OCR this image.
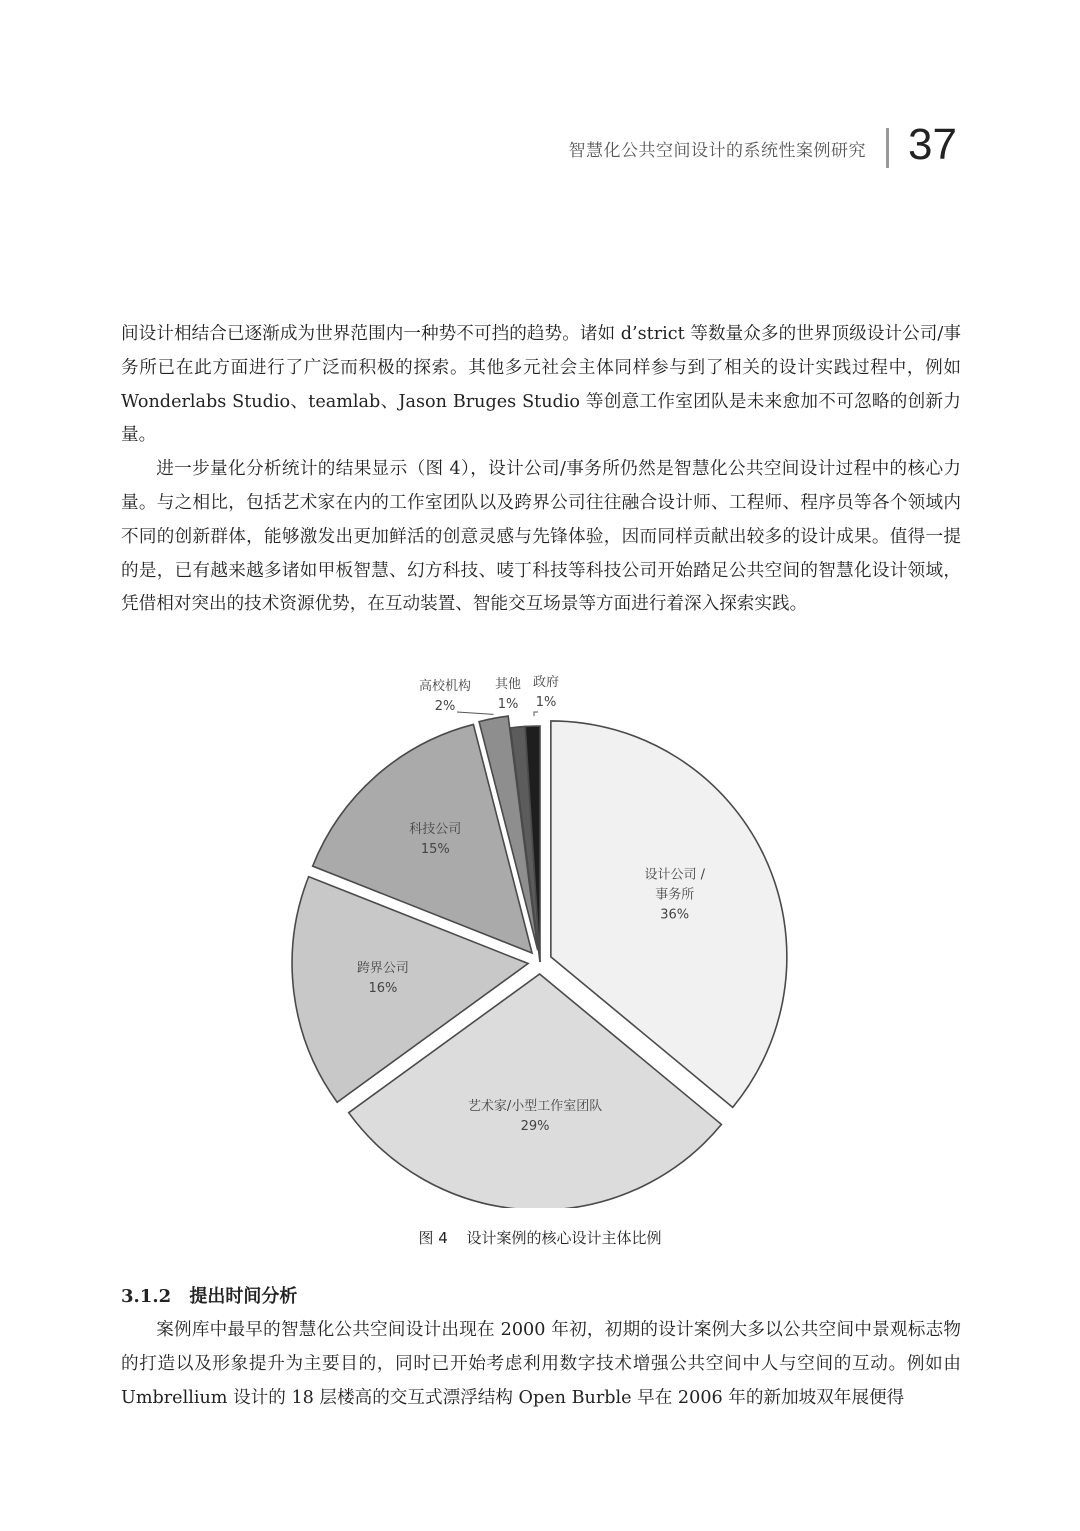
智慧化公共空间设计的系统性案例研究 37

间设计相结合已逐渐成为世界范围内一种势不可挡的趋势。诸如 d’strict 等数量众多的世界顶级设计公司/事务所已在此方面进行了广泛而积极的探索。其他多元社会主体同样参与到了相关的设计实践过程中，例如 Wonderlabs Studio、teamlab、Jason Bruges Studio 等创意工作室团队是未来愈加不可忽略的创新力量。

进一步量化分析统计的结果显示（图 4），设计公司/事务所仍然是智慧化公共空间设计过程中的核心力量。与之相比，包括艺术家在内的工作室团队以及跨界公司往往融合设计师、工程师、程序员等各个领域内不同的创新群体，能够激发出更加鲜活的创意灵感与先锋体验，因而同样贡献出较多的设计成果。值得一提的是，已有越来越多诸如甲板智慧、幻方科技、唛丁科技等科技公司开始踏足公共空间的智慧化设计领域，凭借相对突出的技术资源优势，在互动装置、智能交互场景等方面进行着深入探索实践。

设计公司 /
事务所
36%
艺术家/小型工作室团队
29%
跨界公司
16%
科技公司
15%
高校机构
2%
其他
1%
政府
1%
图 4 设计案例的核心设计主体比例
3.1.2 提出时间分析

案例库中最早的智慧化公共空间设计出现在 2000 年初，初期的设计案例大多以公共空间中景观标志物的打造以及形象提升为主要目的，同时已开始考虑利用数字技术增强公共空间中人与空间的互动。例如由 Umbrellium 设计的 18 层楼高的交互式漂浮结构 Open Burble 早在 2006 年的新加坡双年展便得
